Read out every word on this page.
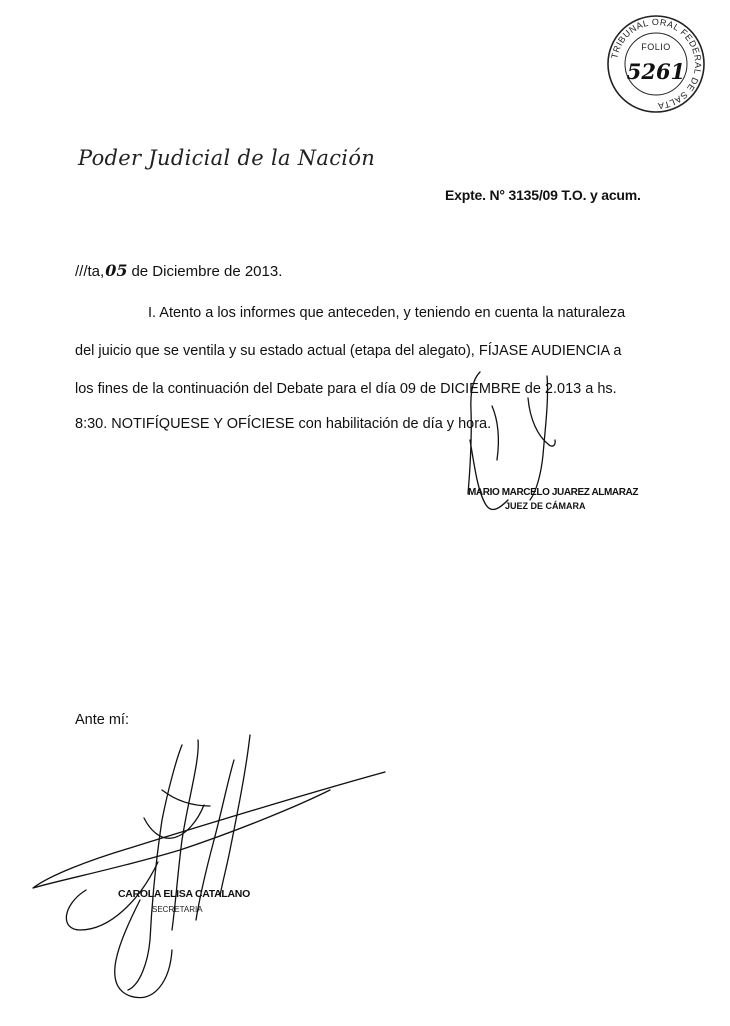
TRIBUNAL ORAL FEDERAL DE SALTA
FOLIO
5261
Poder Judicial de la Nación
Expte. N° 3135/09 T.O. y acum.
///ta,05 de Diciembre de 2013.
I. Atento a los informes que anteceden, y teniendo en cuenta la naturaleza
del juicio que se ventila y su estado actual (etapa del alegato), FÍJASE AUDIENCIA a
los fines de la continuación del Debate para el día 09 de DICIEMBRE de 2.013 a hs.
8:30. NOTIFÍQUESE Y OFÍCIESE con habilitación de día y hora.
MARIO MARCELO JUAREZ ALMARAZ
JUEZ DE CÁMARA
Ante mí:
CAROLA ELISA CATALANO
SECRETARIA
